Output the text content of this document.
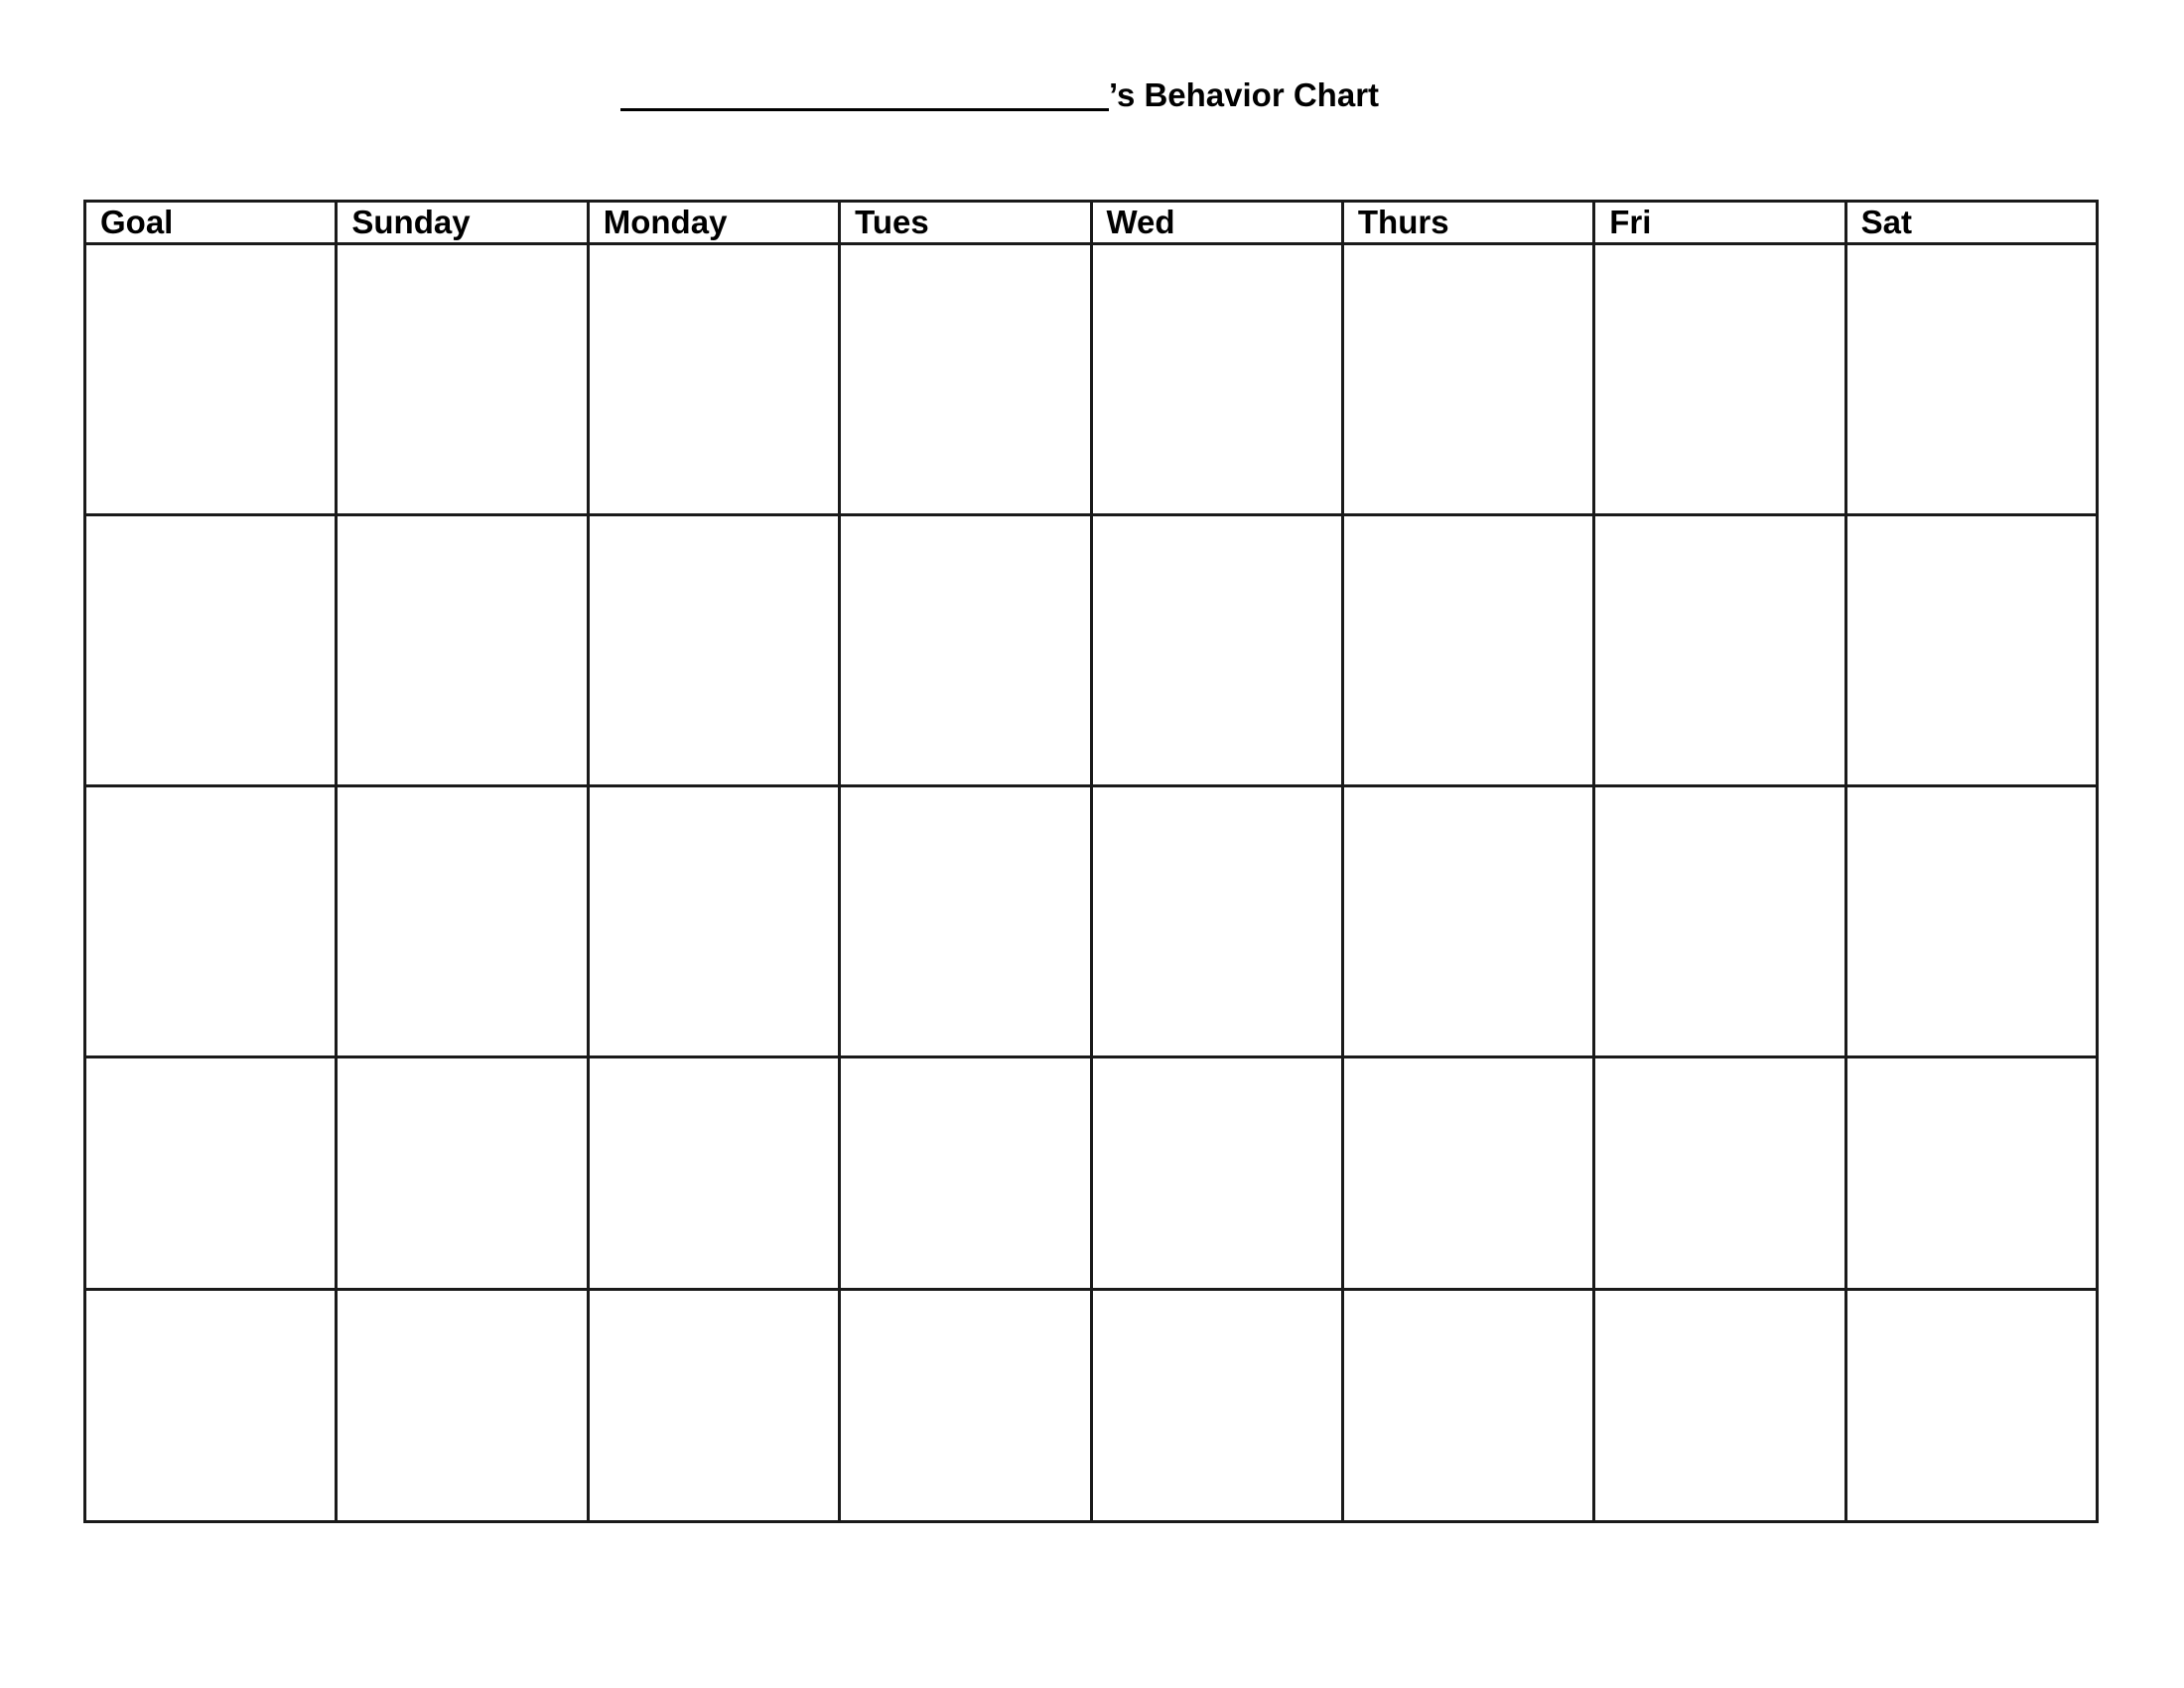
’s Behavior Chart
Goal	Sunday	Monday	Tues	Wed	Thurs	Fri	Sat
